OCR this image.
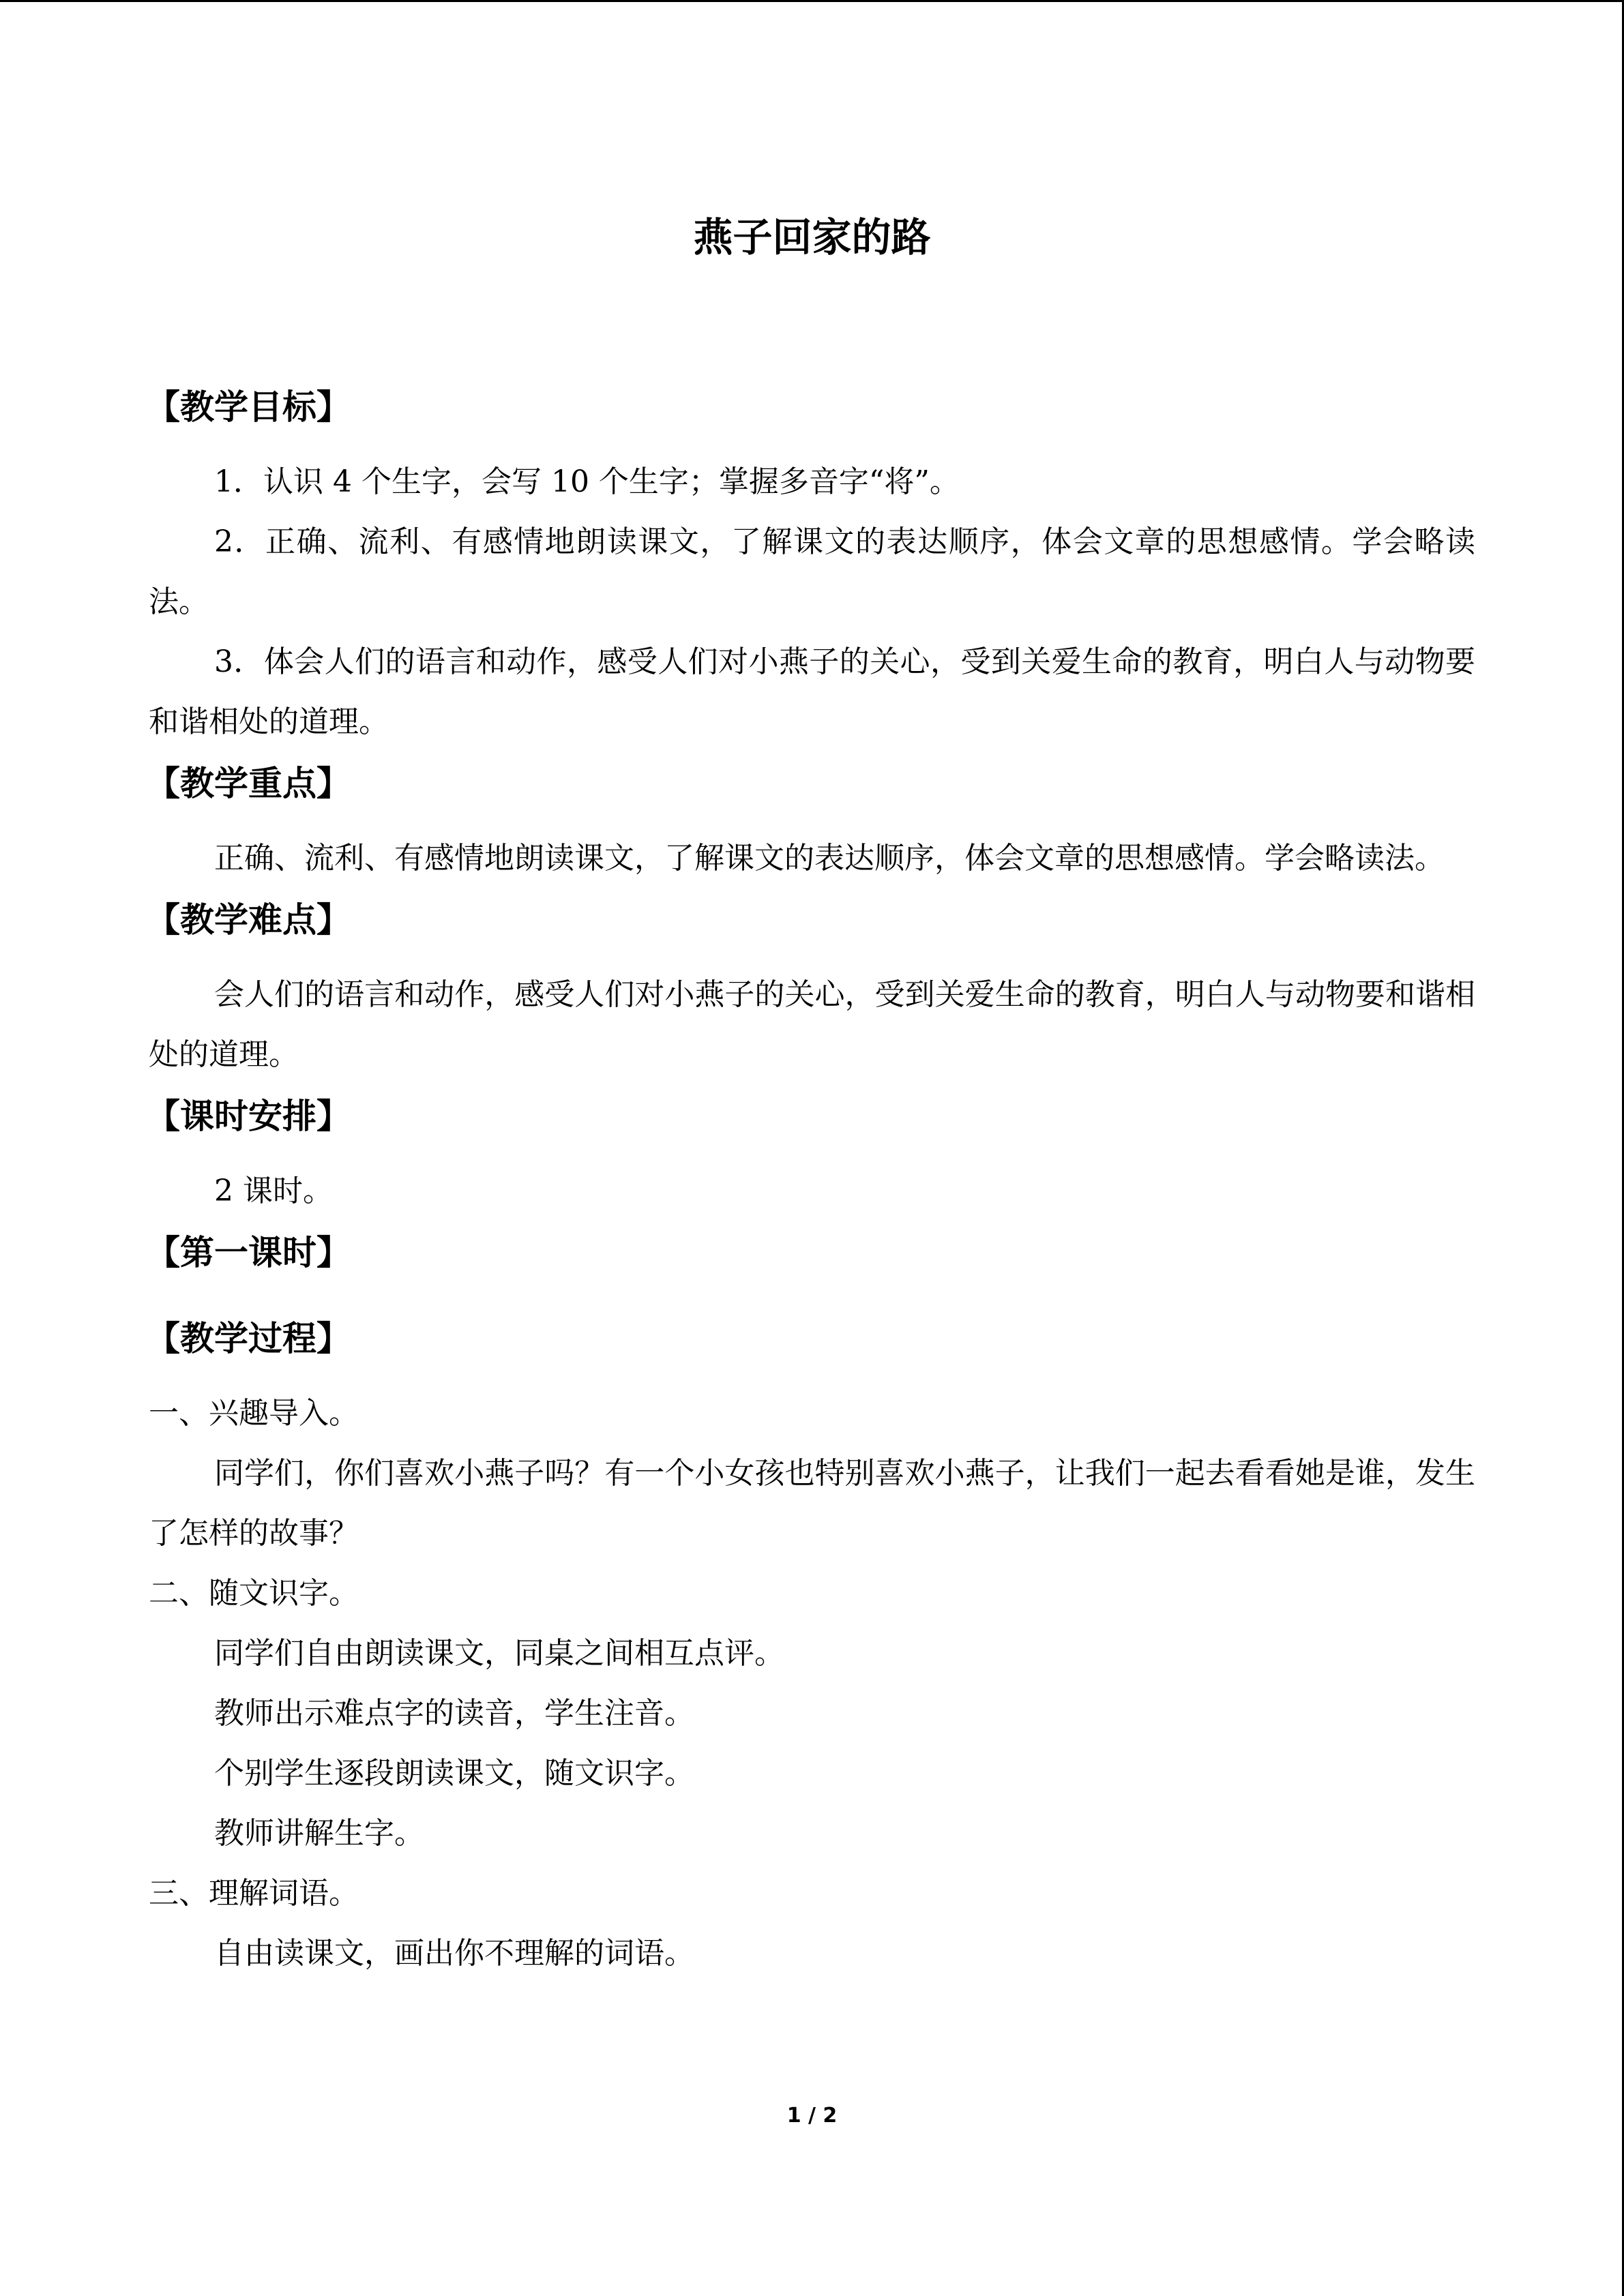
燕子回家的路
【教学目标】

1．认识 4 个生字，会写 10 个生字；掌握多音字“将”。

2．正确、流利、有感情地朗读课文，了解课文的表达顺序，体会文章的思想感情。学会略读法。

3．体会人们的语言和动作，感受人们对小燕子的关心，受到关爱生命的教育，明白人与动物要和谐相处的道理。

【教学重点】

正确、流利、有感情地朗读课文，了解课文的表达顺序，体会文章的思想感情。学会略读法。

【教学难点】

会人们的语言和动作，感受人们对小燕子的关心，受到关爱生命的教育，明白人与动物要和谐相处的道理。

【课时安排】

2 课时。

【第一课时】
【教学过程】

一、兴趣导入。

同学们，你们喜欢小燕子吗？有一个小女孩也特别喜欢小燕子，让我们一起去看看她是谁，发生了怎样的故事？

二、随文识字。

同学们自由朗读课文，同桌之间相互点评。

教师出示难点字的读音，学生注音。

个别学生逐段朗读课文，随文识字。

教师讲解生字。

三、理解词语。

自由读课文，画出你不理解的词语。

1 / 2
